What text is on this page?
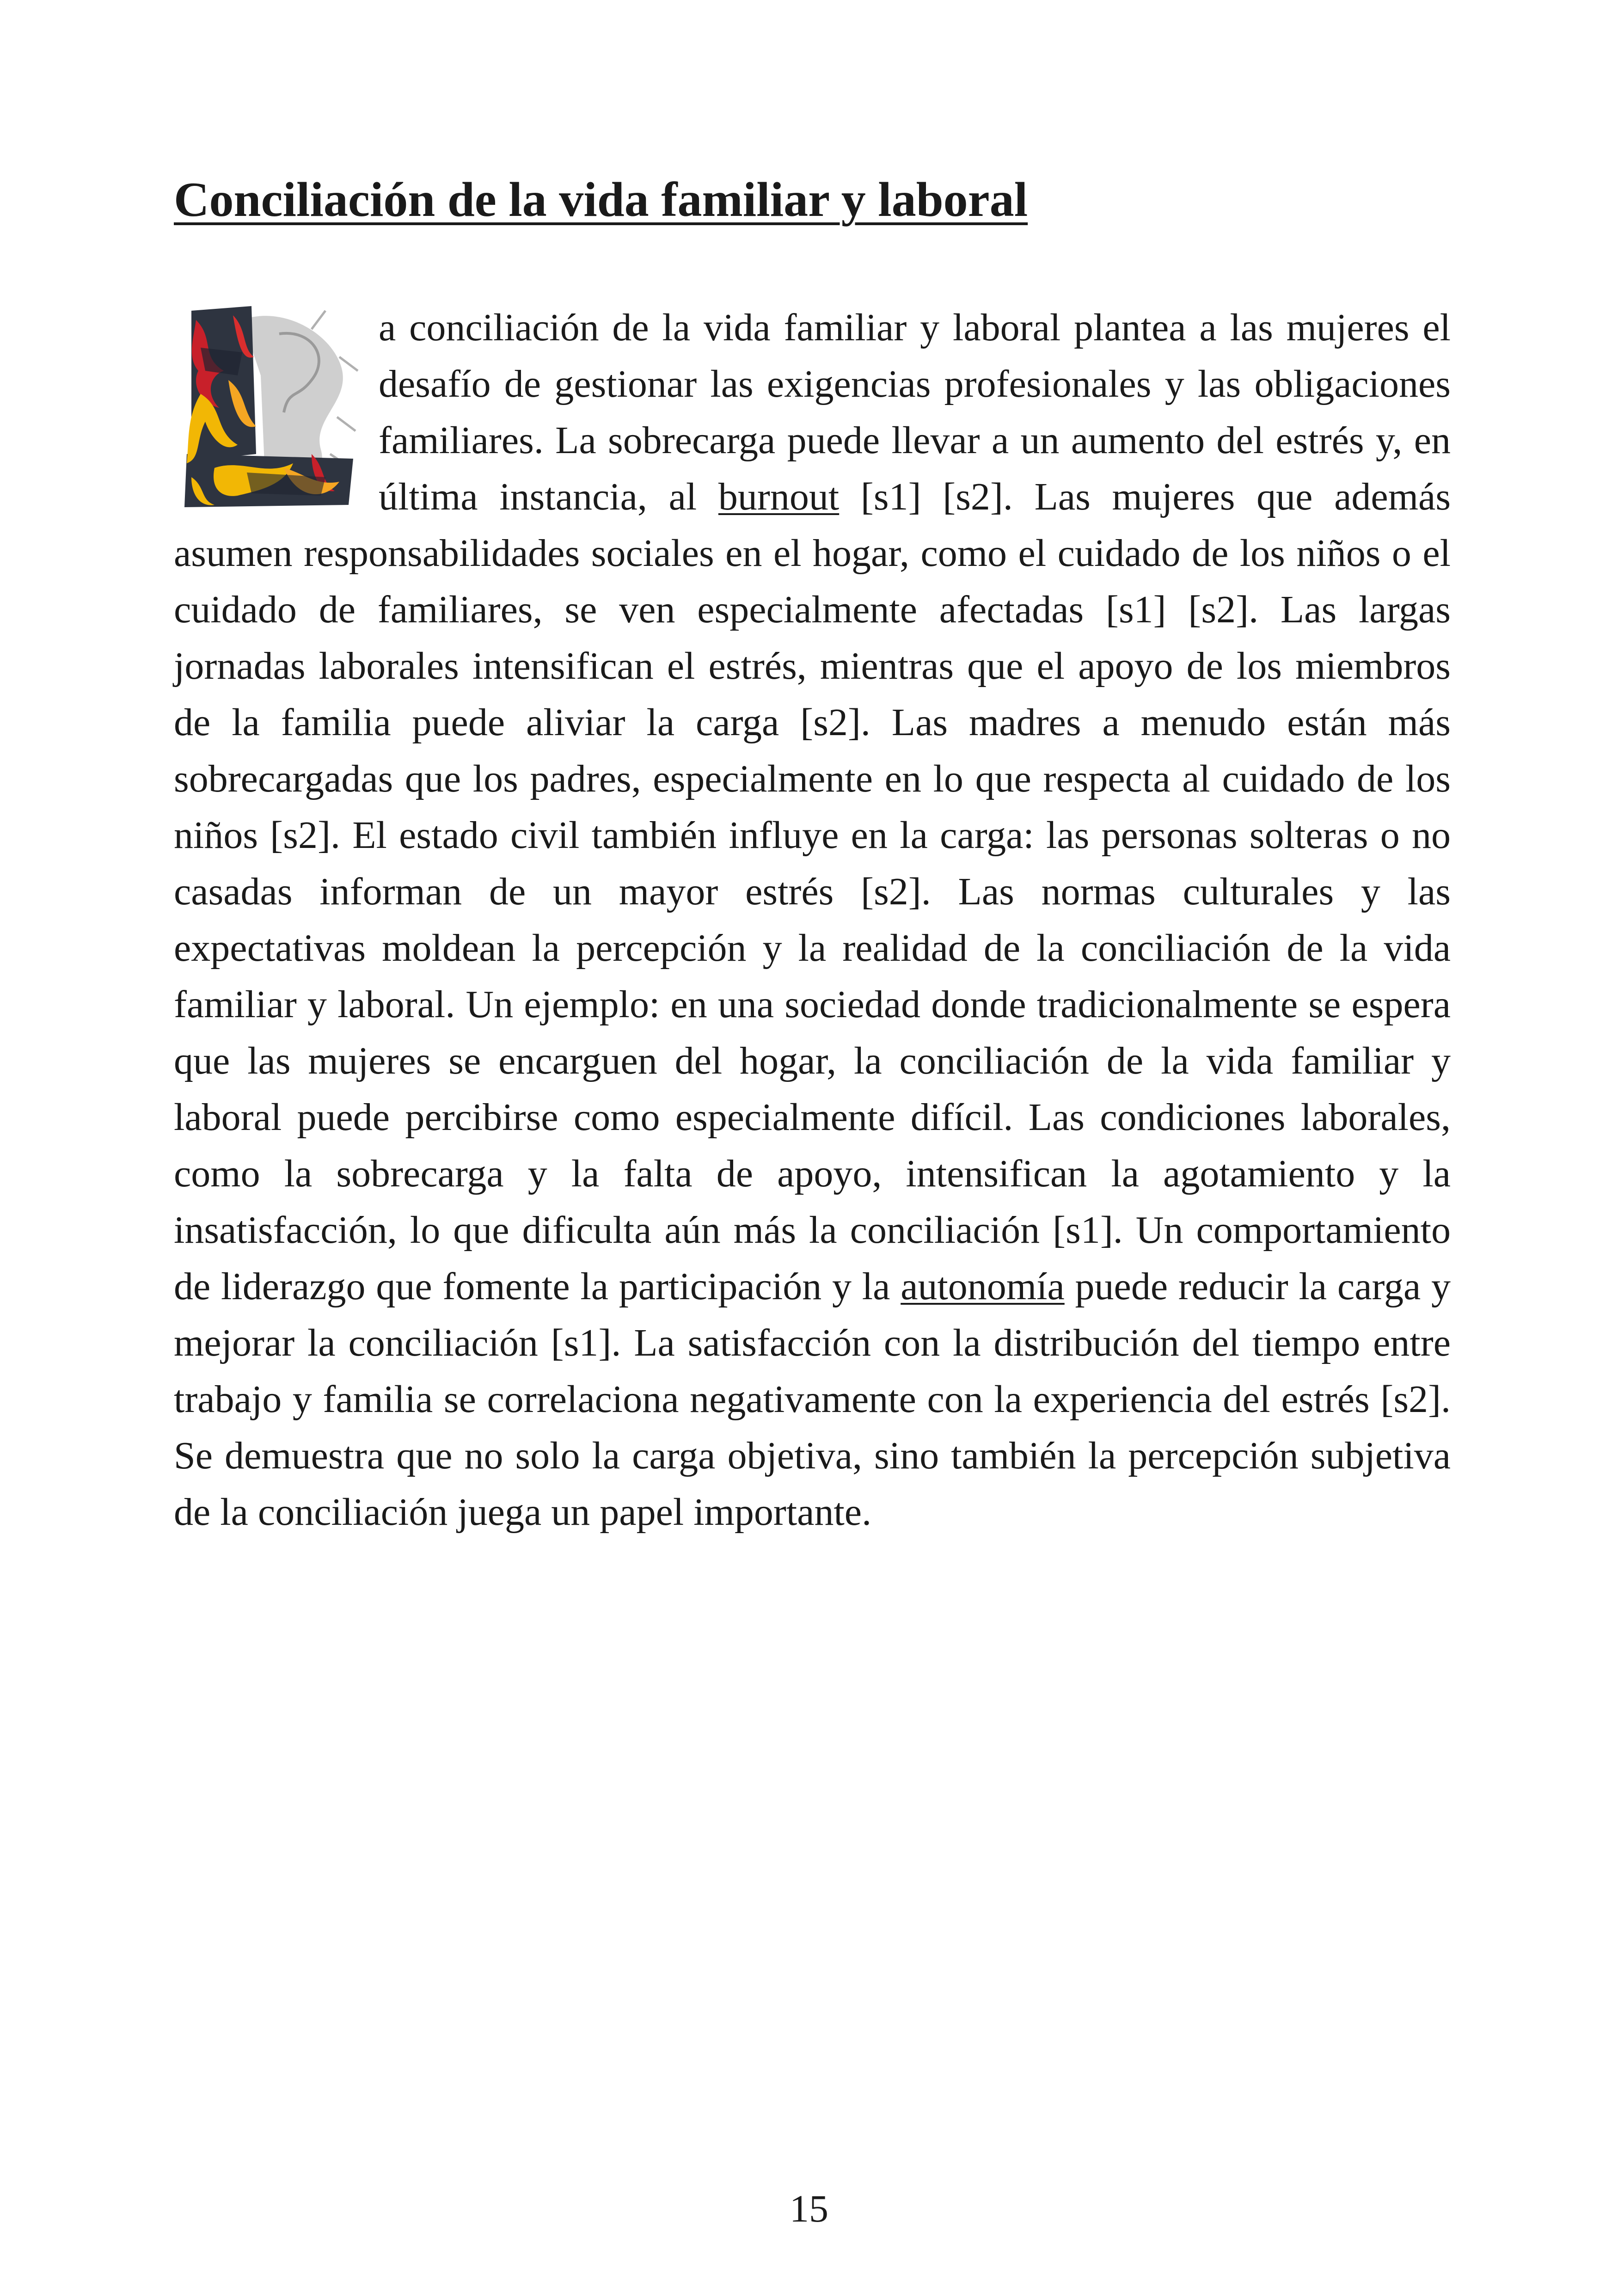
Conciliación de la vida familiar y laboral

a conciliación de la vida familiar y laboral plantea a las mujeres el desafío de gestionar las exigencias profesionales y las obligaciones familiares. La sobrecarga puede llevar a un aumento del estrés y, en última instancia, al burnout [s1] [s2]. Las mujeres que además asumen responsabilidades sociales en el hogar, como el cuidado de los niños o el cuidado de familiares, se ven especialmente afectadas [s1] [s2]. Las largas jornadas laborales intensifican el estrés, mientras que el apoyo de los miembros de la familia puede aliviar la carga [s2]. Las madres a menudo están más sobrecargadas que los padres, especialmente en lo que respecta al cuidado de los niños [s2]. El estado civil también influye en la carga: las personas solteras o no casadas informan de un mayor estrés [s2]. Las normas culturales y las expectativas moldean la percepción y la realidad de la conciliación de la vida familiar y laboral. Un ejemplo: en una sociedad donde tradicionalmente se espera que las mujeres se encarguen del hogar, la conciliación de la vida familiar y laboral puede percibirse como especialmente difícil. Las condiciones laborales, como la sobrecarga y la falta de apoyo, intensifican la agotamiento y la insatisfacción, lo que dificulta aún más la conciliación [s1]. Un comportamiento de liderazgo que fomente la participación y la autonomía puede reducir la carga y mejorar la conciliación [s1]. La satisfacción con la distribución del tiempo entre trabajo y familia se correlaciona negativamente con la experiencia del estrés [s2]. Se demuestra que no solo la carga objetiva, sino también la percepción subjetiva de la conciliación juega un papel importante.

15
